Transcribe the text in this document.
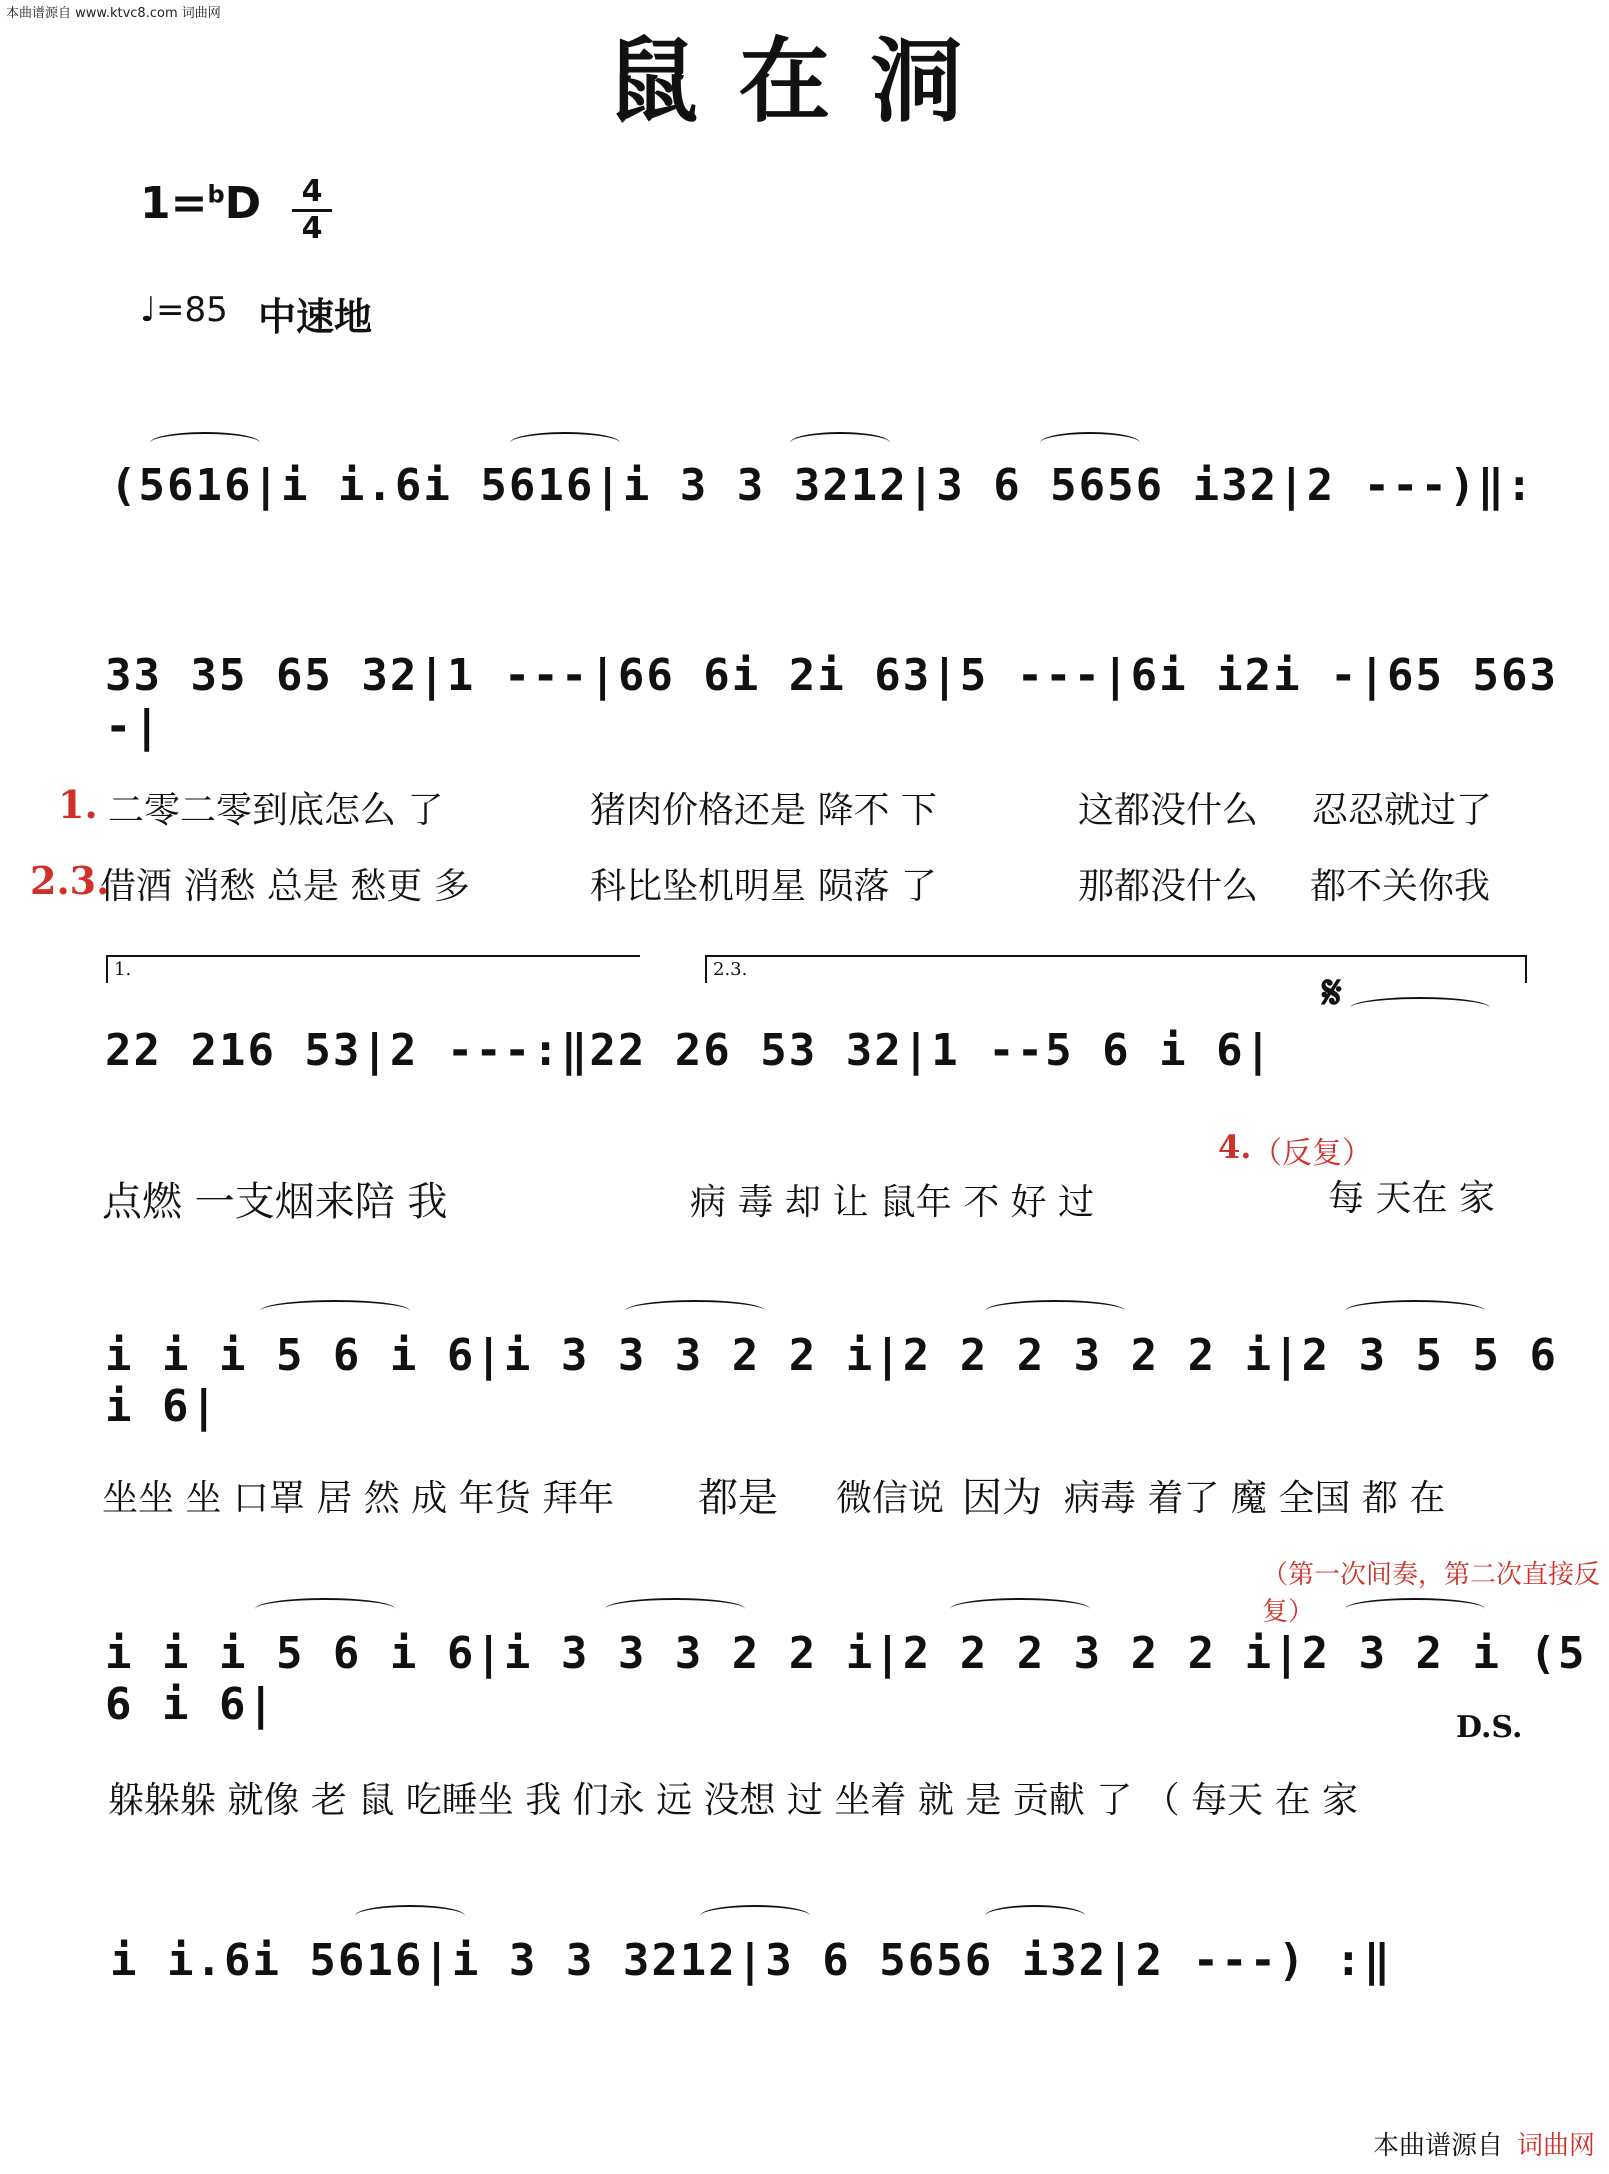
本曲谱源自 www.ktvc8.com 词曲网
鼠在洞
1=$^b$D	4
4
♩=85 中速地
(5616|i i.6i 5616|i 3 3 3212|3 6 5656 i32|2 ---)‖:
33 35 65 32|1 ---|66 6i 2i 63|5 ---|6i i2i -|65 563 -|
1. 二零二零到底怎么 了	猪肉价格还是 降不 下	这都没什么 忍忍就过了
2.3.
借酒 消愁 总是 愁更 多	科比坠机明星 陨落 了	那都没什么 都不关你我
1.	2.3.	𝄋
22 216 53|2 ---:‖22 26 53 32|1 --5 6 i 6|
4. （反复）
点燃 一支烟来陪 我	病 毒 却 让 鼠年 不 好 过	每 天在 家
i i i 5 6 i 6|i 3 3 3 2 2 i|2 2 2 3 2 2 i|2 3 5 5 6 i 6|
坐坐 坐 口罩 居 然 成 年货 拜年 都是 微信说 因为 病毒 着了 魔 全国 都 在
（第一次间奏，第二次直接反复）
i i i 5 6 i 6|i 3 3 3 2 2 i|2 2 2 3 2 2 i|2 3 2 i (5 6 i 6|	D.S.
躲躲躲 就像 老 鼠 吃睡坐 我 们永 远 没想 过 坐着 就 是 贡献 了 （ 每天 在 家
i i.6i 5616|i 3 3 3212|3 6 5656 i32|2 ---) :‖
本曲谱源自 词曲网
